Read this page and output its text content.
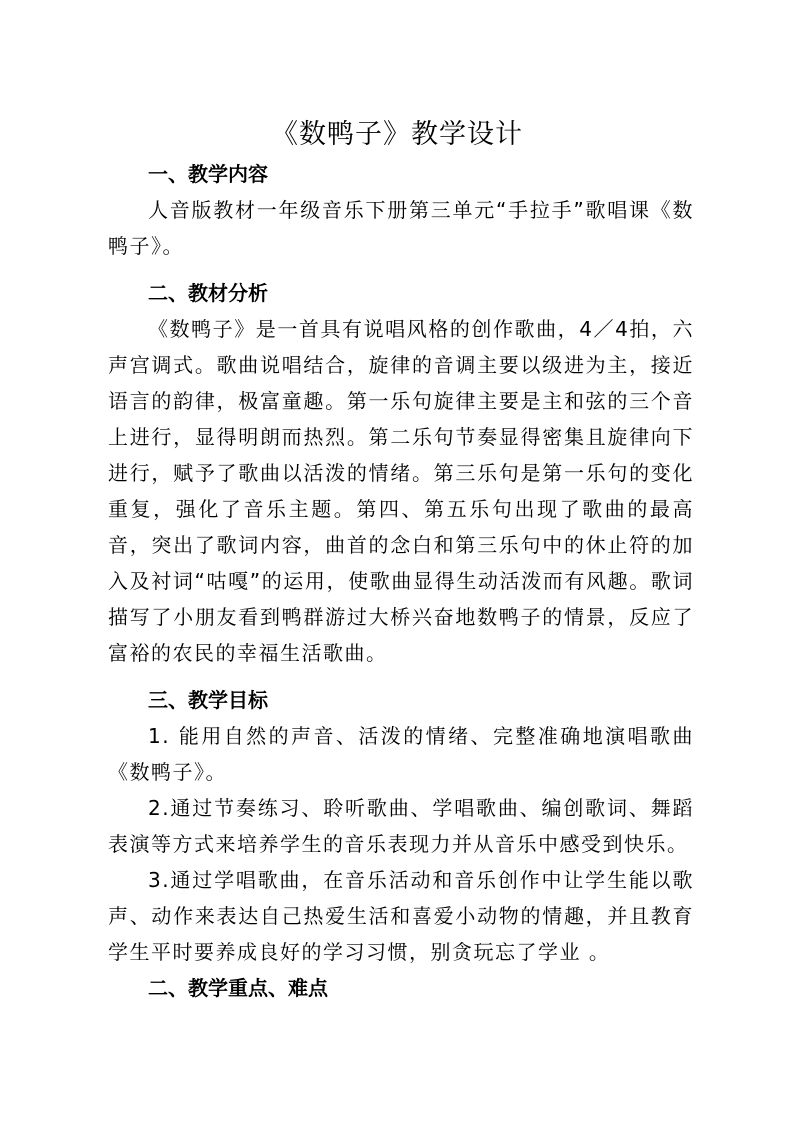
《数鸭子》教学设计

一、教学内容

人音版教材一年级音乐下册第三单元“手拉手”歌唱课《数鸭子》。

二、教材分析

《数鸭子》是一首具有说唱风格的创作歌曲，4／4拍，六声宫调式。歌曲说唱结合，旋律的音调主要以级进为主，接近语言的韵律，极富童趣。第一乐句旋律主要是主和弦的三个音上进行，显得明朗而热烈。第二乐句节奏显得密集且旋律向下进行，赋予了歌曲以活泼的情绪。第三乐句是第一乐句的变化重复，强化了音乐主题。第四、第五乐句出现了歌曲的最高音，突出了歌词内容，曲首的念白和第三乐句中的休止符的加入及衬词“咕嘎”的运用，使歌曲显得生动活泼而有风趣。歌词描写了小朋友看到鸭群游过大桥兴奋地数鸭子的情景，反应了富裕的农民的幸福生活歌曲。

三、教学目标

1. 能用自然的声音、活泼的情绪、完整准确地演唱歌曲《数鸭子》。

2.通过节奏练习、聆听歌曲、学唱歌曲、编创歌词、舞蹈表演等方式来培养学生的音乐表现力并从音乐中感受到快乐。

3.通过学唱歌曲，在音乐活动和音乐创作中让学生能以歌声、动作来表达自己热爱生活和喜爱小动物的情趣，并且教育学生平时要养成良好的学习习惯，别贪玩忘了学业 。

二、教学重点、难点
